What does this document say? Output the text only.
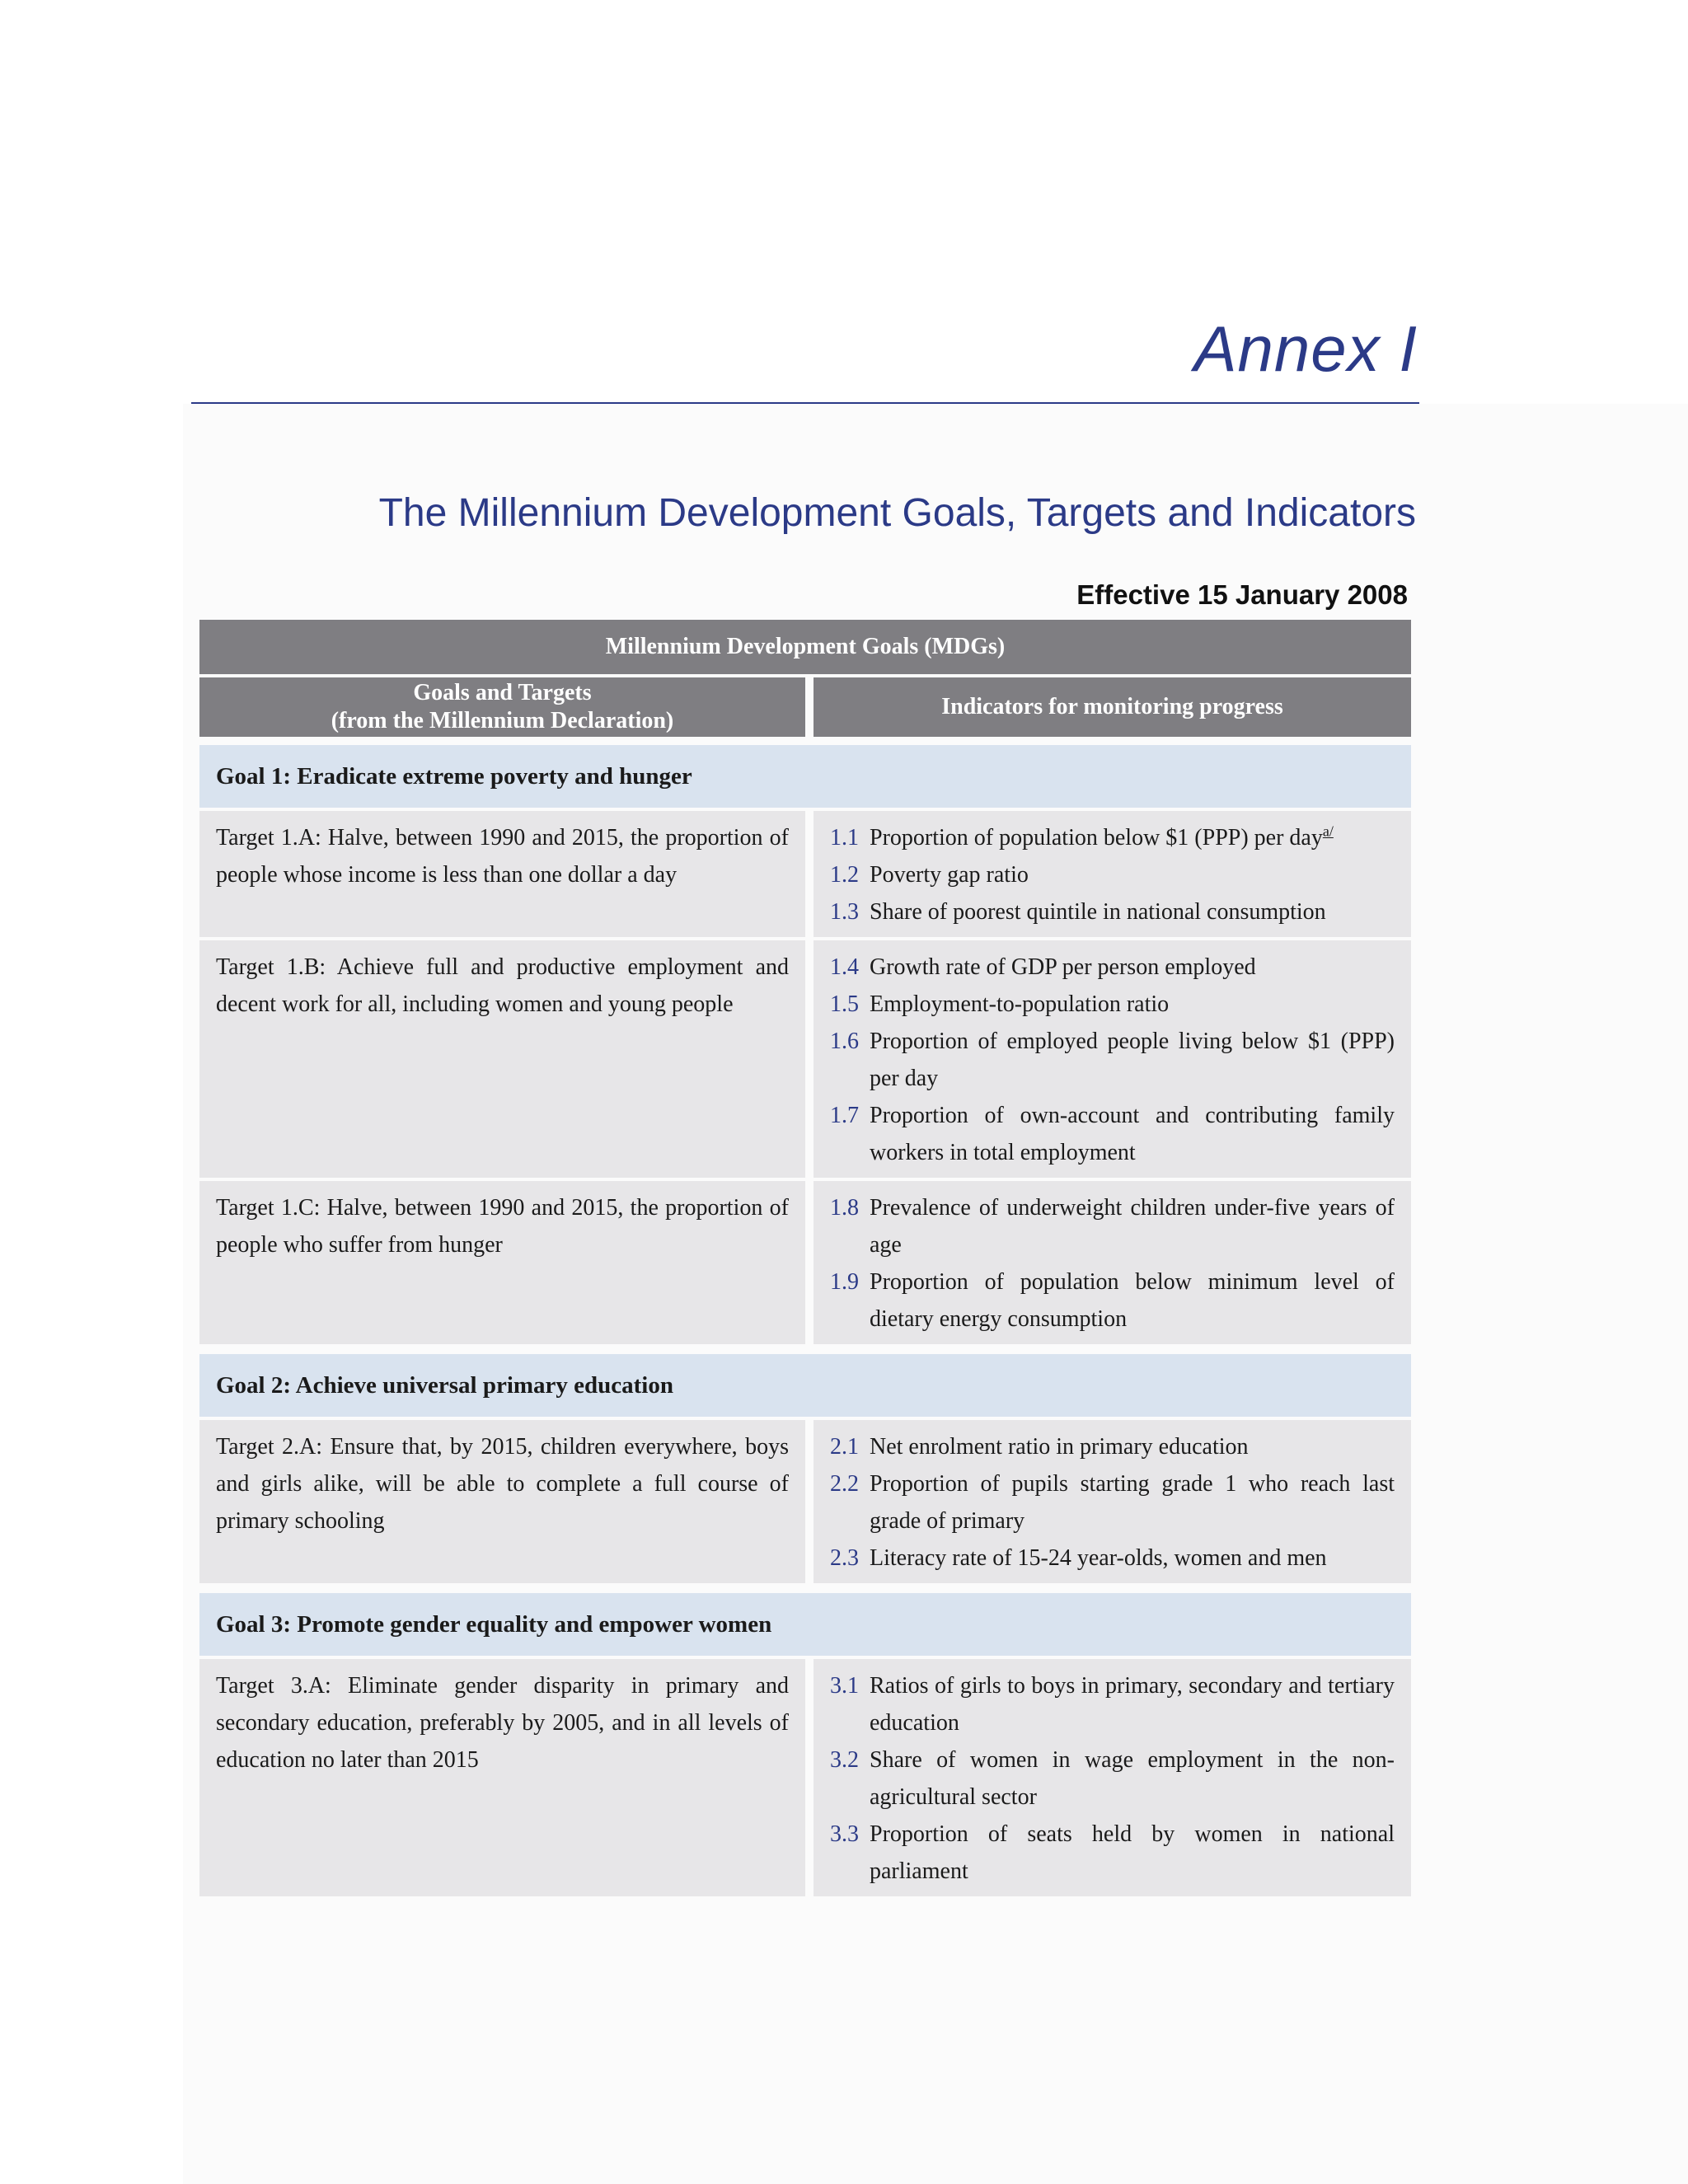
Annex I
The Millennium Development Goals, Targets and Indicators
Effective 15 January 2008
Millennium Development Goals (MDGs)
Goals and Targets
(from the Millennium Declaration)
Indicators for monitoring progress
Goal 1: Eradicate extreme poverty and hunger
Target 1.A: Halve, between 1990 and 2015, the proportion of people whose income is less than one dollar a day
1.1 Proportion of population below $1 (PPP) per day$^{a/}$
1.2 Poverty gap ratio
1.3 Share of poorest quintile in national consumption
Target 1.B: Achieve full and productive employment and decent work for all, including women and young people
1.4 Growth rate of GDP per person employed
1.5 Employment-to-population ratio
1.6 Proportion of employed people living below $1 (PPP) per day
1.7 Proportion of own-account and contributing family workers in total employment
Target 1.C: Halve, between 1990 and 2015, the proportion of people who suffer from hunger
1.8 Prevalence of underweight children under-five years of age
1.9 Proportion of population below minimum level of dietary energy consumption
Goal 2: Achieve universal primary education
Target 2.A: Ensure that, by 2015, children everywhere, boys and girls alike, will be able to complete a full course of primary schooling
2.1 Net enrolment ratio in primary education
2.2 Proportion of pupils starting grade 1 who reach last grade of primary
2.3 Literacy rate of 15-24 year-olds, women and men
Goal 3: Promote gender equality and empower women
Target 3.A: Eliminate gender disparity in primary and secondary education, preferably by 2005, and in all levels of education no later than 2015
3.1 Ratios of girls to boys in primary, secondary and tertiary education
3.2 Share of women in wage employment in the non-agricultural sector
3.3 Proportion of seats held by women in national parliament
